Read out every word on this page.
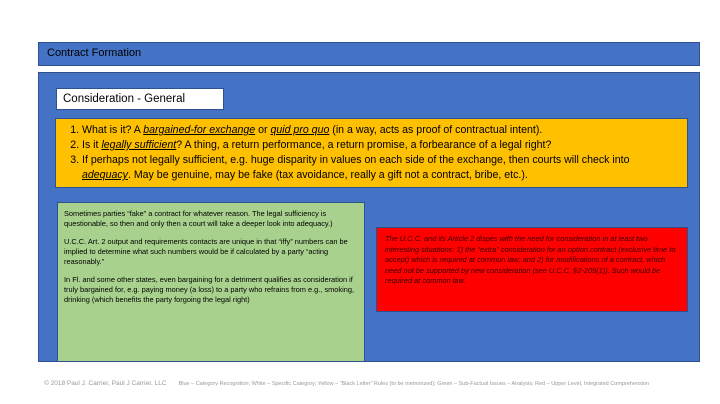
Contract Formation
Consideration - General
1. What is it? A bargained-for exchange or quid pro quo (in a way, acts as proof of contractual intent).
2. Is it legally sufficient? A thing, a return performance, a return promise, a forbearance of a legal right?
3. If perhaps not legally sufficient, e.g. huge disparity in values on each side of the exchange, then courts will check into adequacy. May be genuine, may be fake (tax avoidance, really a gift not a contract, bribe, etc.).

Sometimes parties “fake” a contract for whatever reason. The legal sufficiency is questionable, so then and only then a court will take a deeper look into adequacy.)

U.C.C. Art. 2 output and requirements contacts are unique in that “iffy” numbers can be implied to determine what such numbers would be if calculated by a party “acting reasonably.”

In Fl. and some other states, even bargaining for a detriment qualifies as consideration if truly bargained for, e.g. paying money (a loss) to a party who refrains from e.g., smoking, drinking (which benefits the party forgoing the legal right)

The U.C.C. and its Article 2 dispes with the need for consideration in at least two interesting situations: 1) the “extra” consideration for an option contract (exclusive time to accept) which is required at common law; and 2) for modifications of a contract, which need not be supported by new consideration (see U.C.C. §2-209(1)). Such would be required at common law.
© 2018 Paul J. Carrier, Paul J Carrier, LLC Blue – Category Recognition; White – Specific Category; Yellow – “Black Letter” Rules (to be memorized); Green – Sub-Factual Issues – Analysis; Red – Upper Level, Integrated Comprehension
